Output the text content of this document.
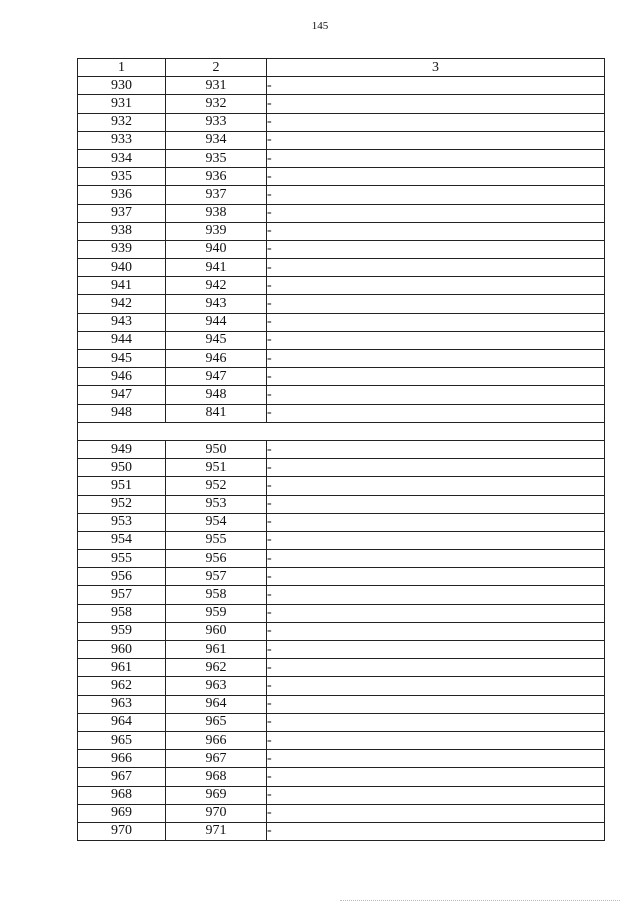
145
1	2	3
930	931	-
931	932	-
932	933	-
933	934	-
934	935	-
935	936	-
936	937	-
937	938	-
938	939	-
939	940	-
940	941	-
941	942	-
942	943	-
943	944	-
944	945	-
945	946	-
946	947	-
947	948	-
948	841	-

949	950	-
950	951	-
951	952	-
952	953	-
953	954	-
954	955	-
955	956	-
956	957	-
957	958	-
958	959	-
959	960	-
960	961	-
961	962	-
962	963	-
963	964	-
964	965	-
965	966	-
966	967	-
967	968	-
968	969	-
969	970	-
970	971	-
